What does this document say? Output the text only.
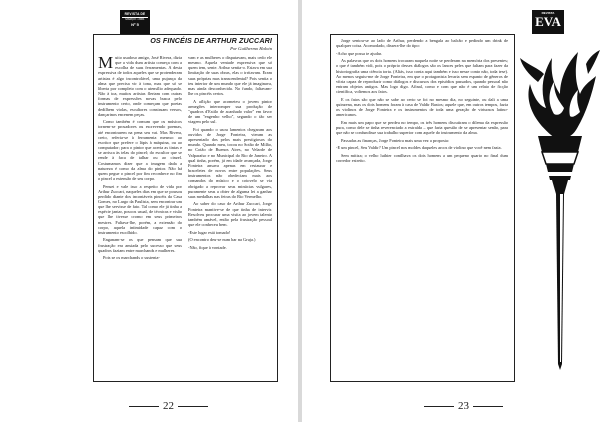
REVISTA DE
MARÇO • 2001
Nº 5
OS FINCÉIS DE ARTHUR ZUCCARI
Por Guilhermo Haloin

Muito usadoso amigo, José Rivera, dizia que a vida dum artista começa com a escolha de suas ferramentas. A desta expressiva de todos aqueles que se protenderam artistas é algo incontrolável, uma pujança da alma que precisa vir à tona, mas que só se liberta por completo com o utensílio adequado. Não à toa, muitos artistas flertam com outras formas de expressões novas busca pelo instrumento certo, onde começam que poetas dedilhem violas, escultores construam versos, dançarinos encenem peças.

Como também é comum que os músicos tornem-se prosadores ou escrevendo poemas, até encontrarem na pena seu vai. Mas Rivera, creio, referia-se à ferramenta mesmo: ao escritor que prefere o lápis à máquina, ou ao computador; para o pintor que acerta as tintas e se arrisca às telas do pincel; do escultor que se rende à faca de talhar ou ao cinzel. Costumamos dizer que a imagem dada a natureza é como da alma do pintor. Não há quem pegue o pincel por fim reconhece no fim o pincel a extensão de seu corpo.

Pensei e vale isso a respeito de vida por Arthur Zuccari, naqueles dias em que se pousou perdido diante dos incontáveis pincéis da Casa Gomes, no Largo da Paulista, sem encontrar um que lhe servisse de fato. Tal como ele já tinha a espécie jantar, poucos usual, de técnicas e visão que lhe tivesse cromo em seus primeiros mestres. Faltava-lhe, porém, a extensão do corpo, aquela intimidade capaz com o instrumento escolhido.

Enganam-se os que pensam que sua frustração era ansiada pelo sucesso que seus quadros faziam entre marchands e mulheres.

Pois se os marchands o sustenta-

vam e as mulheres o disputavam, mais cedo ele mesmo. Aquela ventade expressiva que só quem tem, sente. Arthur sentia-o. Estava em sua limitação de suas obras, elas o irritavam. Eram suas próprias mas transcendental? Pois sentia o teu interior de um mundo que ele já imaginava, mas ainda desconhecida. No fundo, faltavam-lhe os pincéis certos.

A aflição que acometeu o jovem pintor armegões interromper sua produção de "quadros d'Estilo de acanhado valor" em favor de um "engenho velho", segundo o tão ser viagem pelo sul.

Foi quando o usou lamentos chegaram aos ouvidos de Jorge Fonteira, vieram as apresentado dos pelos mais prestigiosos do mundo. Quando meu, tocou no Sotão de Milão, no Cotão de Buenos Aires, no Velarde de Valparaíso e no Municipal do Rio de Janeiro. A qual tinha, porém, já em idade avançada, Jorge Fonteira ansava apenas em restaurar e braceletes de novos entre populações. Seus instrumentos não obedeciam mais aos comandos do músico e o cotovelo se via obrigado a reprovar seus minúcias vulgares, puramente seus a obter de alguma lei a ganhar suas medalhas nas feiras do Rio Vermelho.

Ao saber do caso de Arthur Zuccari, Jorge Fonteira mantive-se de que tinha de intervir. Resolveu procurar uma visita ao jovem talento também amável, então pela frustração pessoal que ele conheceu bem.

-Este lugar está tomado!

(O encontro deu-se num bar na Gruja.)

-Não, fique à vontade.

22
REVISTA
EVA

Jorge sentou-se ao lado de Arthur, perdendo a bengala ao balcão e pedindo um drink de qualquer coisa. Acomodado, dissera-lhe do tipo:

-Acho que possa te ajudar.

As palavras que os dois homens trocaram naquela noite se perderam na memória dos presentes; o que é também vidi, pois o próprio desses diálogos são os lances peles que faltam para fazer da historiografia uma ciência torta. (Aliás, isso conta aqui também e isso nesse conto não, toda tese). Ao menos seguiu-me de Jorge Fonteira, em que o protagonista levaria sem espanto de gêneros de vítria capaz de reproduzir como diálogos e discursos dos episódios passados, quando pessoal não entram objetos antigos. Mas logo digo. Afinal, como e com que não é um relato de ficção científica, voltemos aos fatos.

E os fatos são que não se sabe ao certo se foi no mesmo dia, no seguinte, ou dali a uma quinzena, mas os dois homens foram à casa de Valdir Bastos; aquele que, em outros tempos, fazia os violinos de Jorge Fonteira e os instrumentos de toda uma geração de virtuosos latino-americanos.

Em mais um papo que se perdeu no tempo, os três homens discutiram o dilema da expressão pura, como dele se tinha reverenciado a extraída – que faria questão de se apresentar senão, para que não se confundisse sua trabalho superior com aquele do instrumento da alma.

Passadas as finanças, Jorge Fonteira mais uma vez a proposta:

-E um pincel, Seu Valdir? Um pincel nos moldes daqueles arcos de violino que você nem fazia.

Sem mitiza; o velho luthier contlhava os dois homens a um pequeno quarto no final dum corredor estreito.

23
